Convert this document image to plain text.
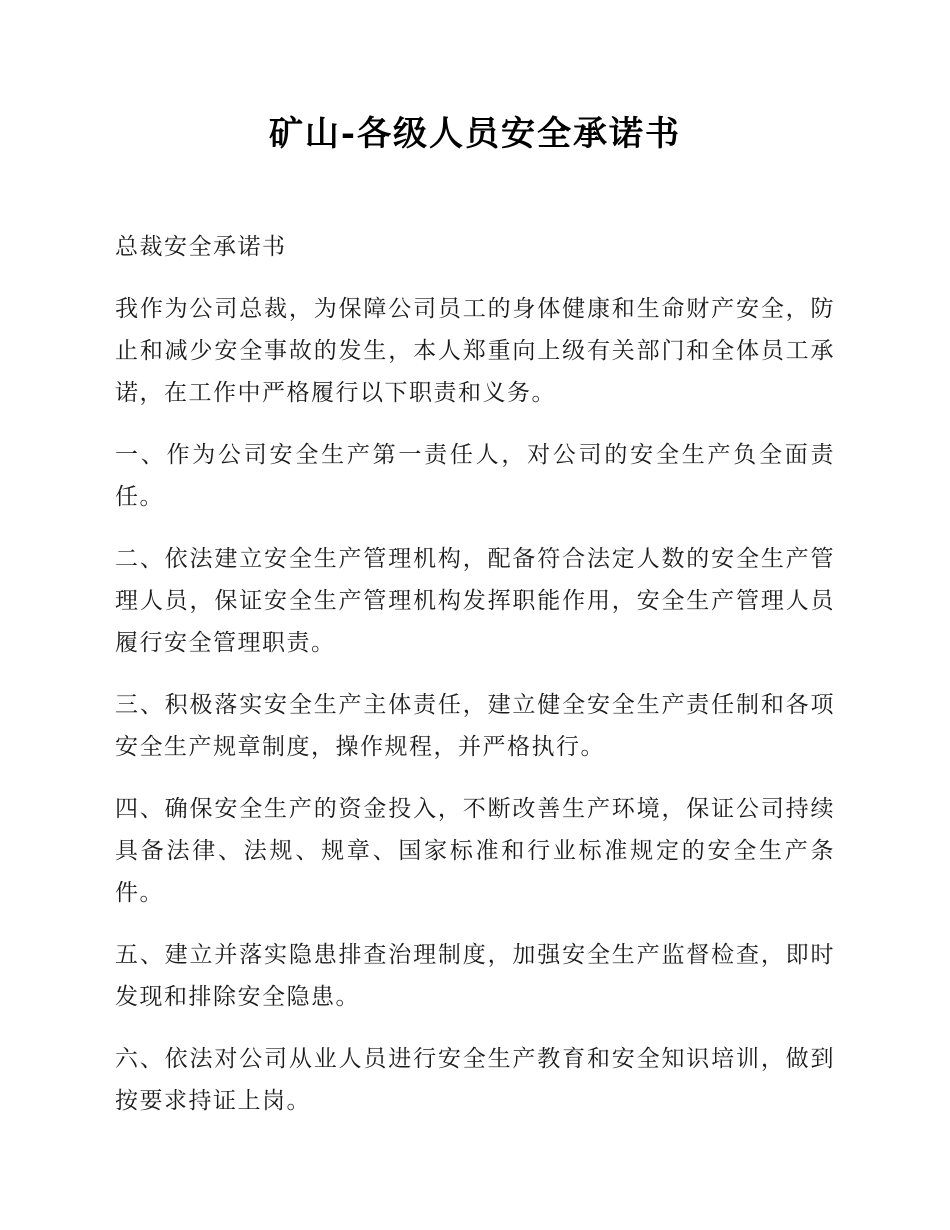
矿山-各级人员安全承诺书

总裁安全承诺书

我作为公司总裁，为保障公司员工的身体健康和生命财产安全，防止和减少安全事故的发生，本人郑重向上级有关部门和全体员工承诺，在工作中严格履行以下职责和义务。

一、作为公司安全生产第一责任人，对公司的安全生产负全面责任。

二、依法建立安全生产管理机构，配备符合法定人数的安全生产管理人员，保证安全生产管理机构发挥职能作用，安全生产管理人员履行安全管理职责。

三、积极落实安全生产主体责任，建立健全安全生产责任制和各项安全生产规章制度，操作规程，并严格执行。

四、确保安全生产的资金投入，不断改善生产环境，保证公司持续具备法律、法规、规章、国家标准和行业标准规定的安全生产条件。

五、建立并落实隐患排查治理制度，加强安全生产监督检查，即时发现和排除安全隐患。

六、依法对公司从业人员进行安全生产教育和安全知识培训，做到按要求持证上岗。
